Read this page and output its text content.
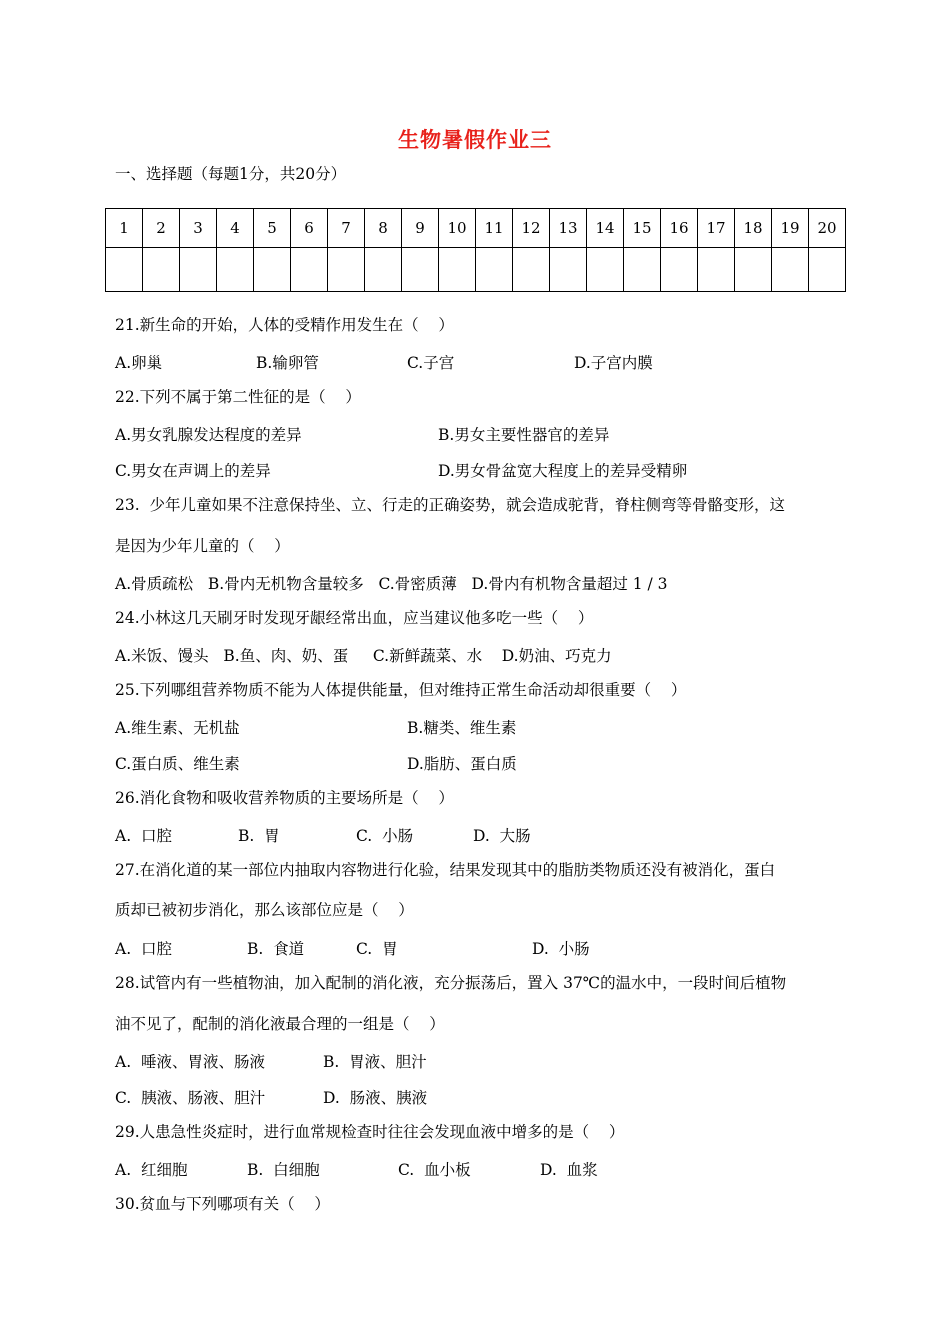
生物暑假作业三
一、选择题（每题1分，共20分）
1	2	3	4	5	6	7	8	9	10	11	12	13	14	15	16	17	18	19	20

21.新生命的开始，人体的受精作用发生在（    ）
A.卵巢	B.输卵管	C.子宫	D.子宫内膜
22.下列不属于第二性征的是（    ）
A.男女乳腺发达程度的差异	B.男女主要性器官的差异
C.男女在声调上的差异	D.男女骨盆宽大程度上的差异受精卵
23.  少年儿童如果不注意保持坐、立、行走的正确姿势，就会造成驼背，脊柱侧弯等骨骼变形，这
是因为少年儿童的（    ）
A.骨质疏松   B.骨内无机物含量较多   C.骨密质薄   D.骨内有机物含量超过 1 / 3
24.小林这几天刷牙时发现牙龈经常出血，应当建议他多吃一些（    ）
A.米饭、馒头   B.鱼、肉、奶、蛋     C.新鲜蔬菜、水    D.奶油、巧克力
25.下列哪组营养物质不能为人体提供能量，但对维持正常生命活动却很重要（    ）
A.维生素、无机盐	B.糖类、维生素
C.蛋白质、维生素	D.脂肪、蛋白质
26.消化食物和吸收营养物质的主要场所是（    ）
A.  口腔	B.  胃	C.  小肠	D.  大肠
27.在消化道的某一部位内抽取内容物进行化验，结果发现其中的脂肪类物质还没有被消化，蛋白
质却已被初步消化，那么该部位应是（    ）
A.  口腔	B.  食道	C.  胃	D.  小肠
28.试管内有一些植物油，加入配制的消化液，充分振荡后，置入 37℃的温水中，一段时间后植物
油不见了，配制的消化液最合理的一组是（    ）
A.  唾液、胃液、肠液	B.  胃液、胆汁
C.  胰液、肠液、胆汁	D.  肠液、胰液
29.人患急性炎症时，进行血常规检查时往往会发现血液中增多的是（    ）
A.  红细胞	B.  白细胞	C.  血小板	D.  血浆
30.贫血与下列哪项有关（    ）
